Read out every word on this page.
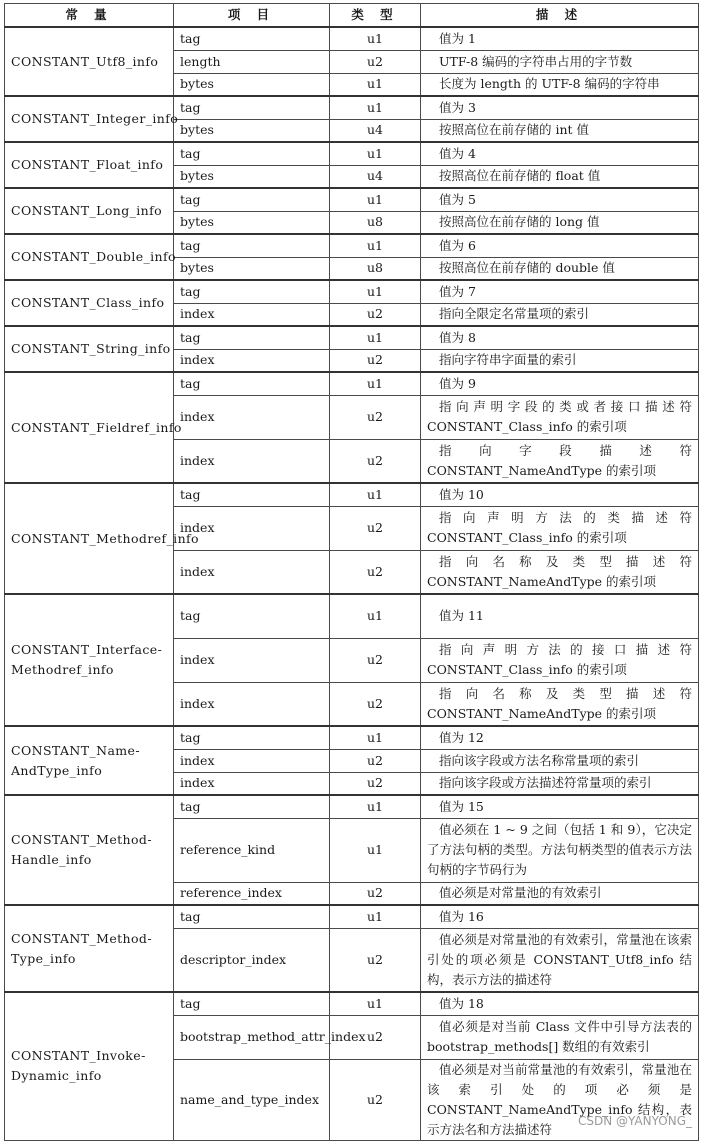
常 量	项 目	类 型	描 述
CONSTANT_Utf8_info	tag	u1	值为 1
	length	u2	UTF-8 编码的字符串占用的字节数
	bytes	u1	长度为 length 的 UTF-8 编码的字符串
CONSTANT_Integer_info	tag	u1	值为 3
	bytes	u4	按照高位在前存储的 int 值
CONSTANT_Float_info	tag	u1	值为 4
	bytes	u4	按照高位在前存储的 float 值
CONSTANT_Long_info	tag	u1	值为 5
	bytes	u8	按照高位在前存储的 long 值
CONSTANT_Double_info	tag	u1	值为 6
	bytes	u8	按照高位在前存储的 double 值
CONSTANT_Class_info	tag	u1	值为 7
	index	u2	指向全限定名常量项的索引
CONSTANT_String_info	tag	u1	值为 8
	index	u2	指向字符串字面量的索引
CONSTANT_Fieldref_info	tag	u1	值为 9
	index	u2	指向声明字段的类或者接口描述符 CONSTANT_Class_info 的索引项
	index	u2	指向字段描述符 CONSTANT_NameAndType 的索引项
CONSTANT_Methodref_info	tag	u1	值为 10
	index	u2	指向声明方法的类描述符 CONSTANT_Class_info 的索引项
	index	u2	指向名称及类型描述符 CONSTANT_NameAndType 的索引项
CONSTANT_Interface-Methodref_info	tag	u1	值为 11
	index	u2	指向声明方法的接口描述符 CONSTANT_Class_info 的索引项
	index	u2	指向名称及类型描述符 CONSTANT_NameAndType 的索引项
CONSTANT_Name-AndType_info	tag	u1	值为 12
	index	u2	指向该字段或方法名称常量项的索引
	index	u2	指向该字段或方法描述符常量项的索引
CONSTANT_Method-Handle_info	tag	u1	值为 15
	reference_kind	u1	值必须在 1 ~ 9 之间（包括 1 和 9），它决定了方法句柄的类型。方法句柄类型的值表示方法句柄的字节码行为
	reference_index	u2	值必须是对常量池的有效索引
CONSTANT_Method-Type_info	tag	u1	值为 16
	descriptor_index	u2	值必须是对常量池的有效索引，常量池在该索引处的项必须是 CONSTANT_Utf8_info 结构，表示方法的描述符
CONSTANT_Invoke-Dynamic_info	tag	u1	值为 18
	bootstrap_method_attr_index	u2	值必须是对当前 Class 文件中引导方法表的 bootstrap_methods[] 数组的有效索引
	name_and_type_index	u2	值必须是对当前常量池的有效索引，常量池在该索引处的项必须是 CONSTANT_NameAndType_info 结构，表示方法名和方法描述符
CSDN @YANYONG_
